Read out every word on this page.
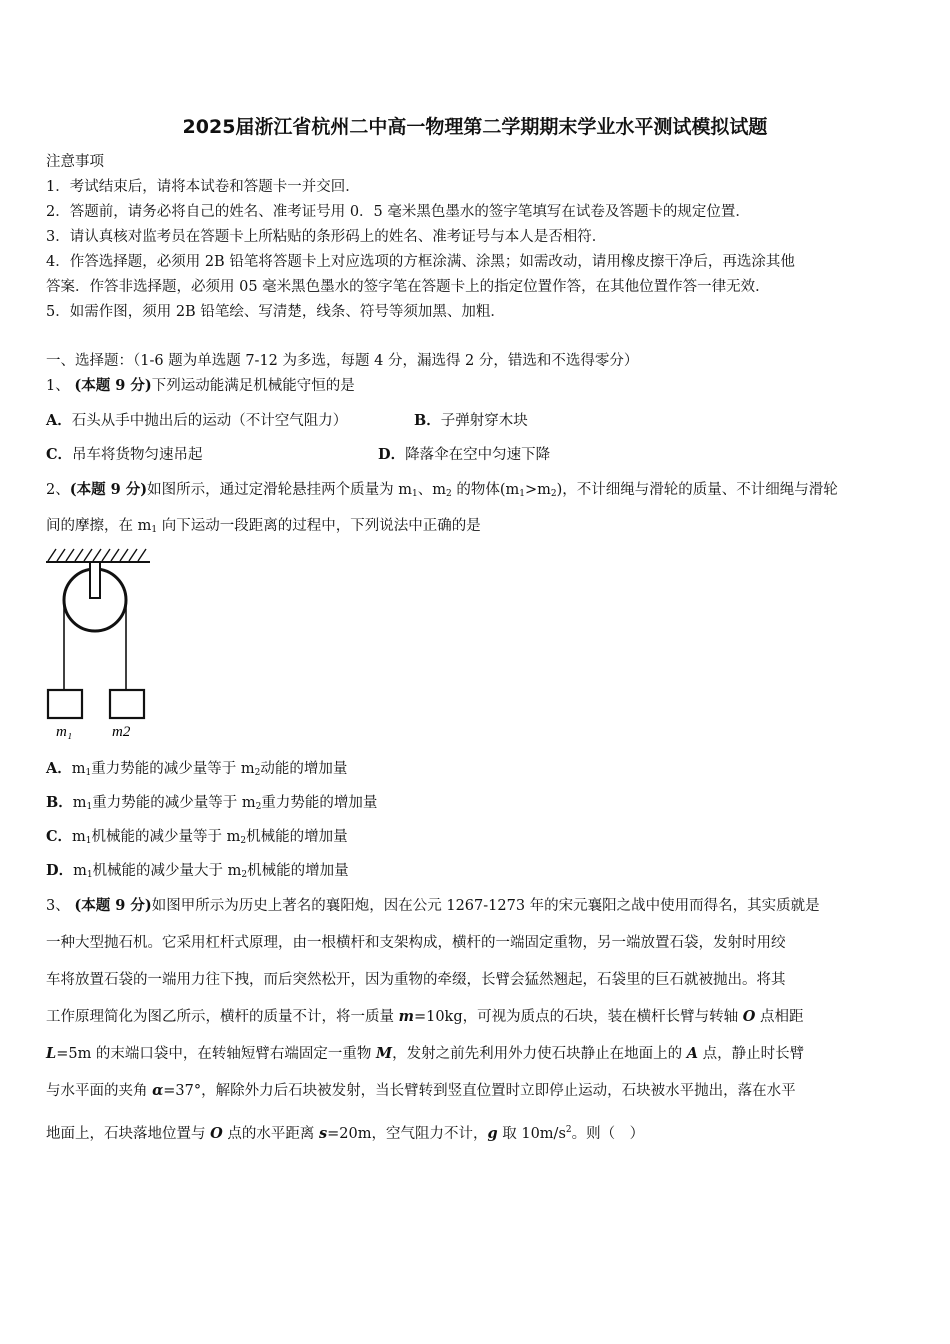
2025届浙江省杭州二中高一物理第二学期期末学业水平测试模拟试题
注意事项
1．考试结束后，请将本试卷和答题卡一并交回．
2．答题前，请务必将自己的姓名、准考证号用 0．5 毫米黑色墨水的签字笔填写在试卷及答题卡的规定位置．
3．请认真核对监考员在答题卡上所粘贴的条形码上的姓名、准考证号与本人是否相符．
4．作答选择题，必须用 2B 铅笔将答题卡上对应选项的方框涂满、涂黑；如需改动，请用橡皮擦干净后，再选涂其他
答案．作答非选择题，必须用 05 毫米黑色墨水的签字笔在答题卡上的指定位置作答，在其他位置作答一律无效．
5．如需作图，须用 2B 铅笔绘、写清楚，线条、符号等须加黑、加粗．
一、选择题：（1-6 题为单选题 7-12 为多选，每题 4 分，漏选得 2 分，错选和不选得零分）
1、 (本题 9 分)下列运动能满足机械能守恒的是
A．石头从手中抛出后的运动（不计空气阻力）	B．子弹射穿木块
C．吊车将货物匀速吊起	D．降落伞在空中匀速下降
2、(本题 9 分)如图所示，通过定滑轮悬挂两个质量为 $m_1$、$m_2$ 的物体$(m_1>m_2)$，不计细绳与滑轮的质量、不计细绳与滑轮
间的摩擦，在 $m_1$ 向下运动一段距离的过程中，下列说法中正确的是
m₁	m2
A．$m_1$重力势能的减少量等于 $m_2$动能的增加量
B．$m_1$重力势能的减少量等于 $m_2$重力势能的增加量
C．$m_1$机械能的减少量等于 $m_2$机械能的增加量
D．$m_1$机械能的减少量大于 $m_2$机械能的增加量
3、 (本题 9 分)如图甲所示为历史上著名的襄阳炮，因在公元 1267-1273 年的宋元襄阳之战中使用而得名，其实质就是
一种大型抛石机。它采用杠杆式原理，由一根横杆和支架构成，横杆的一端固定重物，另一端放置石袋，发射时用绞
车将放置石袋的一端用力往下拽，而后突然松开，因为重物的牵缀，长臂会猛然翘起，石袋里的巨石就被抛出。将其
工作原理简化为图乙所示，横杆的质量不计，将一质量 m=10kg，可视为质点的石块，装在横杆长臂与转轴 O 点相距
L=5m 的末端口袋中，在转轴短臂右端固定一重物 M，发射之前先利用外力使石块静止在地面上的 A 点，静止时长臂
与水平面的夹角 α=37°，解除外力后石块被发射，当长臂转到竖直位置时立即停止运动，石块被水平抛出，落在水平
地面上，石块落地位置与 O 点的水平距离 s=20m，空气阻力不计，g 取 $10m/s^2$。则（　）
